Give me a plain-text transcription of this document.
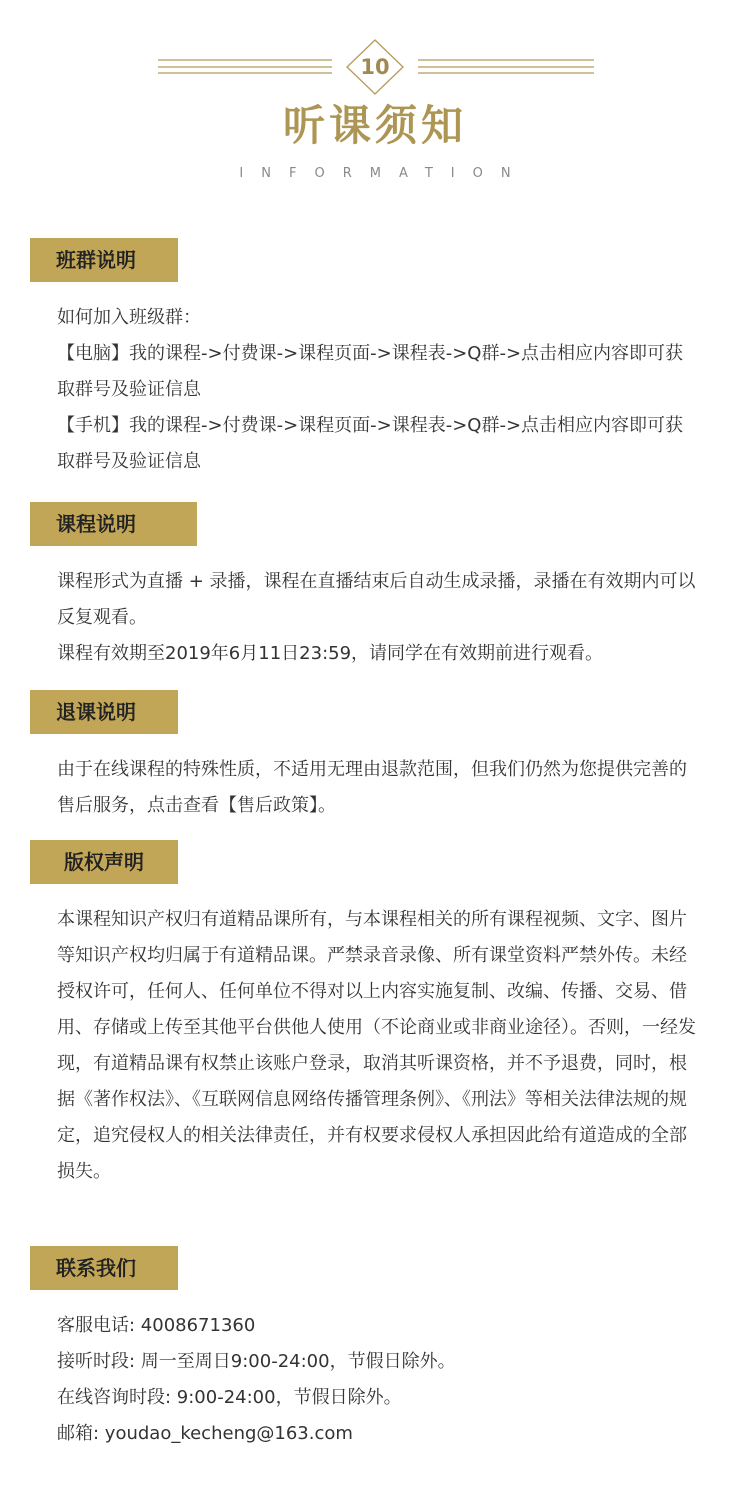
10
听课须知
INFORMATION
班群说明

如何加入班级群：

【电脑】我的课程->付费课->课程页面->课程表->Q群->点击相应内容即可获取群号及验证信息

【手机】我的课程->付费课->课程页面->课程表->Q群->点击相应内容即可获取群号及验证信息

课程说明

课程形式为直播 + 录播，课程在直播结束后自动生成录播，录播在有效期内可以反复观看。

课程有效期至2019年6月11日23:59，请同学在有效期前进行观看。

退课说明

由于在线课程的特殊性质，不适用无理由退款范围，但我们仍然为您提供完善的售后服务，点击查看【售后政策】。

版权声明

本课程知识产权归有道精品课所有，与本课程相关的所有课程视频、文字、图片等知识产权均归属于有道精品课。严禁录音录像、所有课堂资料严禁外传。未经授权许可，任何人、任何单位不得对以上内容实施复制、改编、传播、交易、借用、存储或上传至其他平台供他人使用（不论商业或非商业途径）。否则，一经发现，有道精品课有权禁止该账户登录，取消其听课资格，并不予退费，同时，根据《著作权法》、《互联网信息网络传播管理条例》、《刑法》等相关法律法规的规定，追究侵权人的相关法律责任，并有权要求侵权人承担因此给有道造成的全部损失。

联系我们

客服电话: 4008671360

接听时段: 周一至周日9:00-24:00，节假日除外。

在线咨询时段: 9:00-24:00，节假日除外。

邮箱: youdao_kecheng@163.com
